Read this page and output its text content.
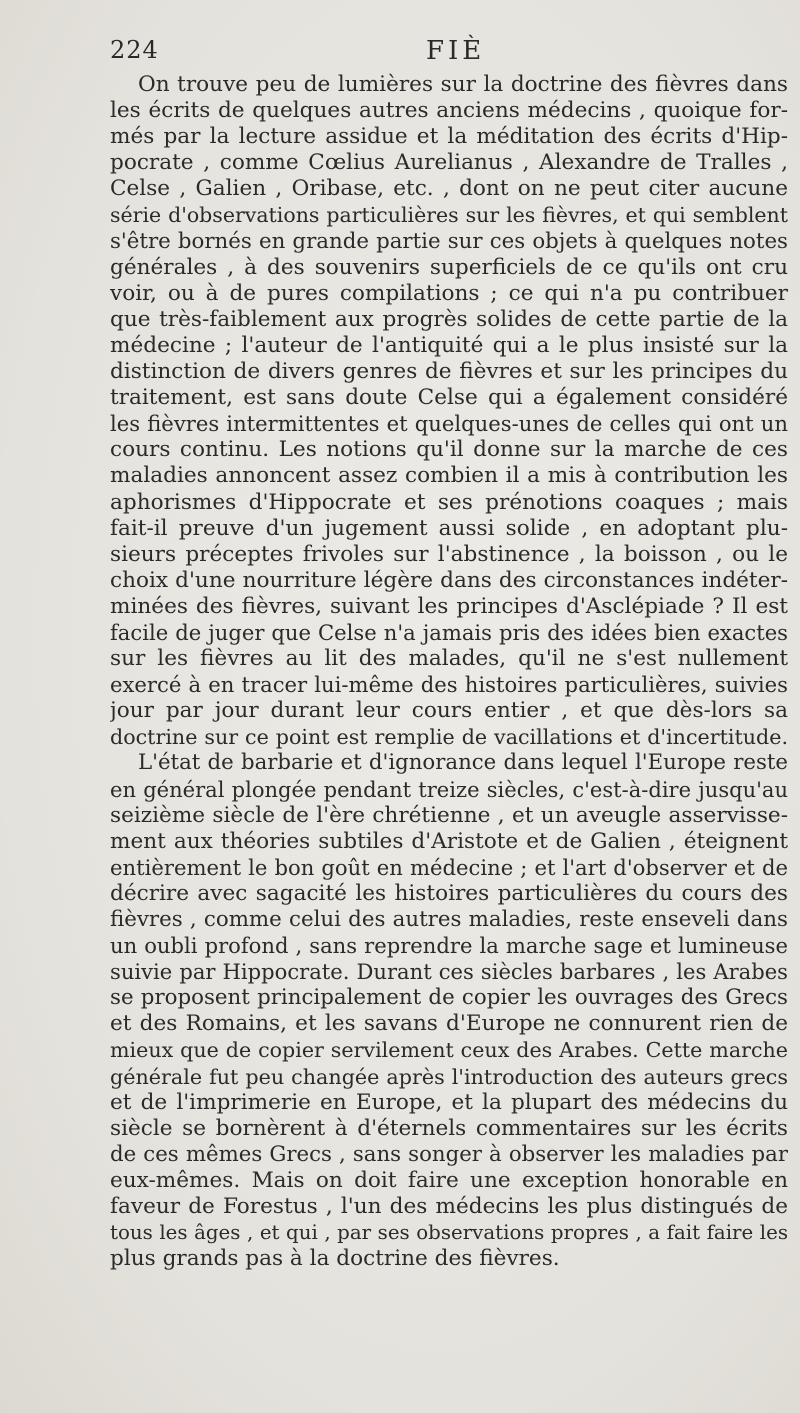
224	FIÈ
On trouve peu de lumières sur la doctrine des fièvres dans
les écrits de quelques autres anciens médecins , quoique for-
més par la lecture assidue et la méditation des écrits d'Hip-
pocrate , comme Cœlius Aurelianus , Alexandre de Tralles ,
Celse , Galien , Oribase, etc. , dont on ne peut citer aucune
série d'observations particulières sur les fièvres, et qui semblent
s'être bornés en grande partie sur ces objets à quelques notes
générales , à des souvenirs superficiels de ce qu'ils ont cru
voir, ou à de pures compilations ; ce qui n'a pu contribuer
que très-faiblement aux progrès solides de cette partie de la
médecine ; l'auteur de l'antiquité qui a le plus insisté sur la
distinction de divers genres de fièvres et sur les principes du
traitement, est sans doute Celse qui a également considéré
les fièvres intermittentes et quelques-unes de celles qui ont un
cours continu. Les notions qu'il donne sur la marche de ces
maladies annoncent assez combien il a mis à contribution les
aphorismes d'Hippocrate et ses prénotions coaques ; mais
fait-il preuve d'un jugement aussi solide , en adoptant plu-
sieurs préceptes frivoles sur l'abstinence , la boisson , ou le
choix d'une nourriture légère dans des circonstances indéter-
minées des fièvres, suivant les principes d'Asclépiade ? Il est
facile de juger que Celse n'a jamais pris des idées bien exactes
sur les fièvres au lit des malades, qu'il ne s'est nullement
exercé à en tracer lui-même des histoires particulières, suivies
jour par jour durant leur cours entier , et que dès-lors sa
doctrine sur ce point est remplie de vacillations et d'incertitude.
L'état de barbarie et d'ignorance dans lequel l'Europe reste
en général plongée pendant treize siècles, c'est-à-dire jusqu'au
seizième siècle de l'ère chrétienne , et un aveugle asservisse-
ment aux théories subtiles d'Aristote et de Galien , éteignent
entièrement le bon goût en médecine ; et l'art d'observer et de
décrire avec sagacité les histoires particulières du cours des
fièvres , comme celui des autres maladies, reste enseveli dans
un oubli profond , sans reprendre la marche sage et lumineuse
suivie par Hippocrate. Durant ces siècles barbares , les Arabes
se proposent principalement de copier les ouvrages des Grecs
et des Romains, et les savans d'Europe ne connurent rien de
mieux que de copier servilement ceux des Arabes. Cette marche
générale fut peu changée après l'introduction des auteurs grecs
et de l'imprimerie en Europe, et la plupart des médecins du
siècle se bornèrent à d'éternels commentaires sur les écrits
de ces mêmes Grecs , sans songer à observer les maladies par
eux-mêmes. Mais on doit faire une exception honorable en
faveur de Forestus , l'un des médecins les plus distingués de
tous les âges , et qui , par ses observations propres , a fait faire les
plus grands pas à la doctrine des fièvres.
